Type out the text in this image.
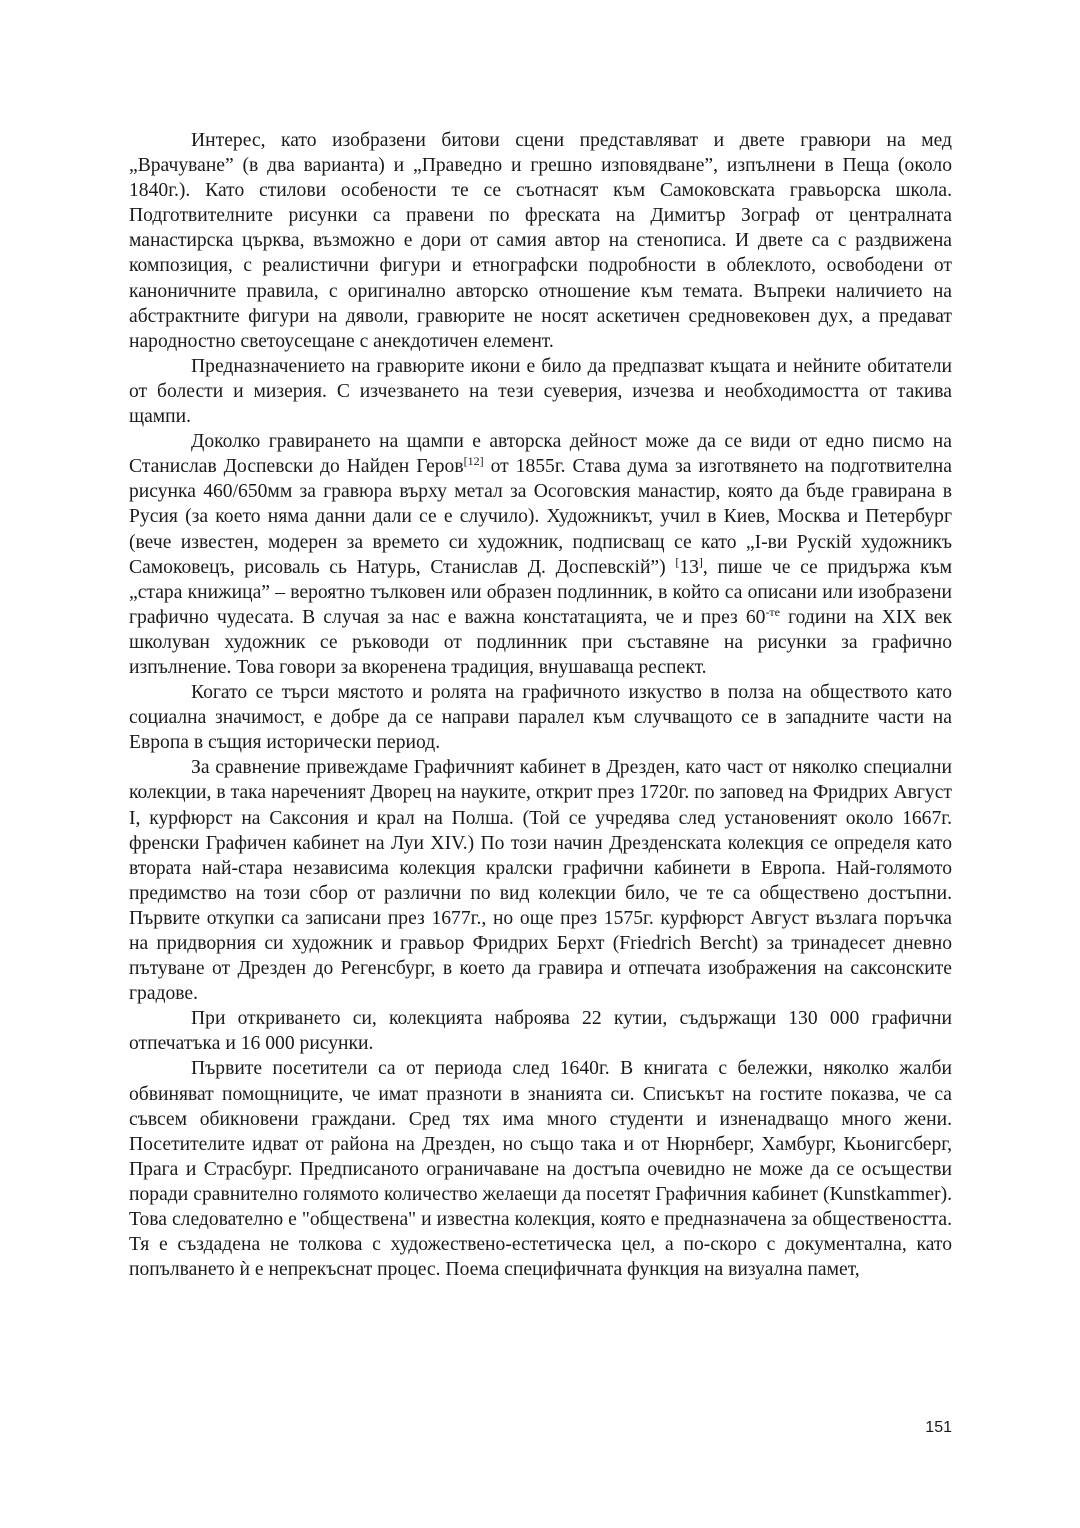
Интерес, като изобразени битови сцени представляват и двете гравюри на мед „Врачуване” (в два варианта) и „Праведно и грешно изповядване”, изпълнени в Пеща (около 1840г.). Като стилови особености те се съотнасят към Самоковската гравьорска школа. Подготвителните рисунки са правени по фреската на Димитър Зограф от централната манастирска църква, възможно е дори от самия автор на стенописа. И двете са с раздвижена композиция, с реалистични фигури и етнографски подробности в облеклото, освободени от каноничните правила, с оригинално авторско отношение към темата. Въпреки наличието на абстрактните фигури на дяволи, гравюрите не носят аскетичен средновековен дух, а предават народностно светоусещане с анекдотичен елемент.

Предназначението на гравюрите икони е било да предпазват къщата и нейните обитатели от болести и мизерия. С изчезването на тези суеверия, изчезва и необходимостта от такива щампи.

Доколко гравирането на щампи е авторска дейност може да се види от едно писмо на Станислав Доспевски до Найден Геров[12] от 1855г. Става дума за изготвянето на подготвителна рисунка 460/650мм за гравюра върху метал за Осоговския манастир, която да бъде гравирана в Русия (за което няма данни дали се е случило). Художникът, учил в Киев, Москва и Петербург (вече известен, модерен за времето си художник, подписващ се като „I-ви Рускій художникъ Самоковецъ, рисоваль сь Натурь, Станислав Д. Доспевскій”) [13], пише че се придържа към „стара книжица” – вероятно тълковен или образен подлинник, в който са описани или изобразени графично чудесата. В случая за нас е важна констатацията, че и през $60^{-те}$ години на XIX век школуван художник се ръководи от подлинник при съставяне на рисунки за графично изпълнение. Това говори за вкоренена традиция, внушаваща респект.

Когато се търси мястото и ролята на графичното изкуство в полза на обществото като социална значимост, е добре да се направи паралел към случващото се в западните части на Европа в същия исторически период.

За сравнение привеждаме Графичният кабинет в Дрезден, като част от няколко специални колекции, в така нареченият Дворец на науките, открит през 1720г. по заповед на Фридрих Август I, курфюрст на Саксония и крал на Полша. (Той се учредява след установеният около 1667г. френски Графичен кабинет на Луи XIV.) По този начин Дрезденската колекция се определя като втората най-стара независима колекция кралски графични кабинети в Европа. Най-голямото предимство на този сбор от различни по вид колекции било, че те са обществено достъпни. Първите откупки са записани през 1677г., но още през 1575г. курфюрст Август възлага поръчка на придворния си художник и гравьор Фридрих Берхт (Friedrich Bercht) за тринадесет дневно пътуване от Дрезден до Регенсбург, в което да гравира и отпечата изображения на саксонските градове.

При откриването си, колекцията наброява 22 кутии, съдържащи 130 000 графични отпечатъка и 16 000 рисунки.

Първите посетители са от периода след 1640г. В книгата с бележки, няколко жалби обвиняват помощниците, че имат празноти в знанията си. Списъкът на гостите показва, че са съвсем обикновени граждани. Сред тях има много студенти и изненадващо много жени. Посетителите идват от района на Дрезден, но също така и от Нюрнберг, Хамбург, Кьонигсберг, Прага и Страсбург. Предписаното ограничаване на достъпа очевидно не може да се осъществи поради сравнително голямото количество желаещи да посетят Графичния кабинет (Kunstkammer). Това следователно е "обществена" и известна колекция, която е предназначена за обществеността. Тя е създадена не толкова с художествено-естетическа цел, а по-скоро с документална, като попълването ѝ е непрекъснат процес. Поема специфичната функция на визуална памет,

151
